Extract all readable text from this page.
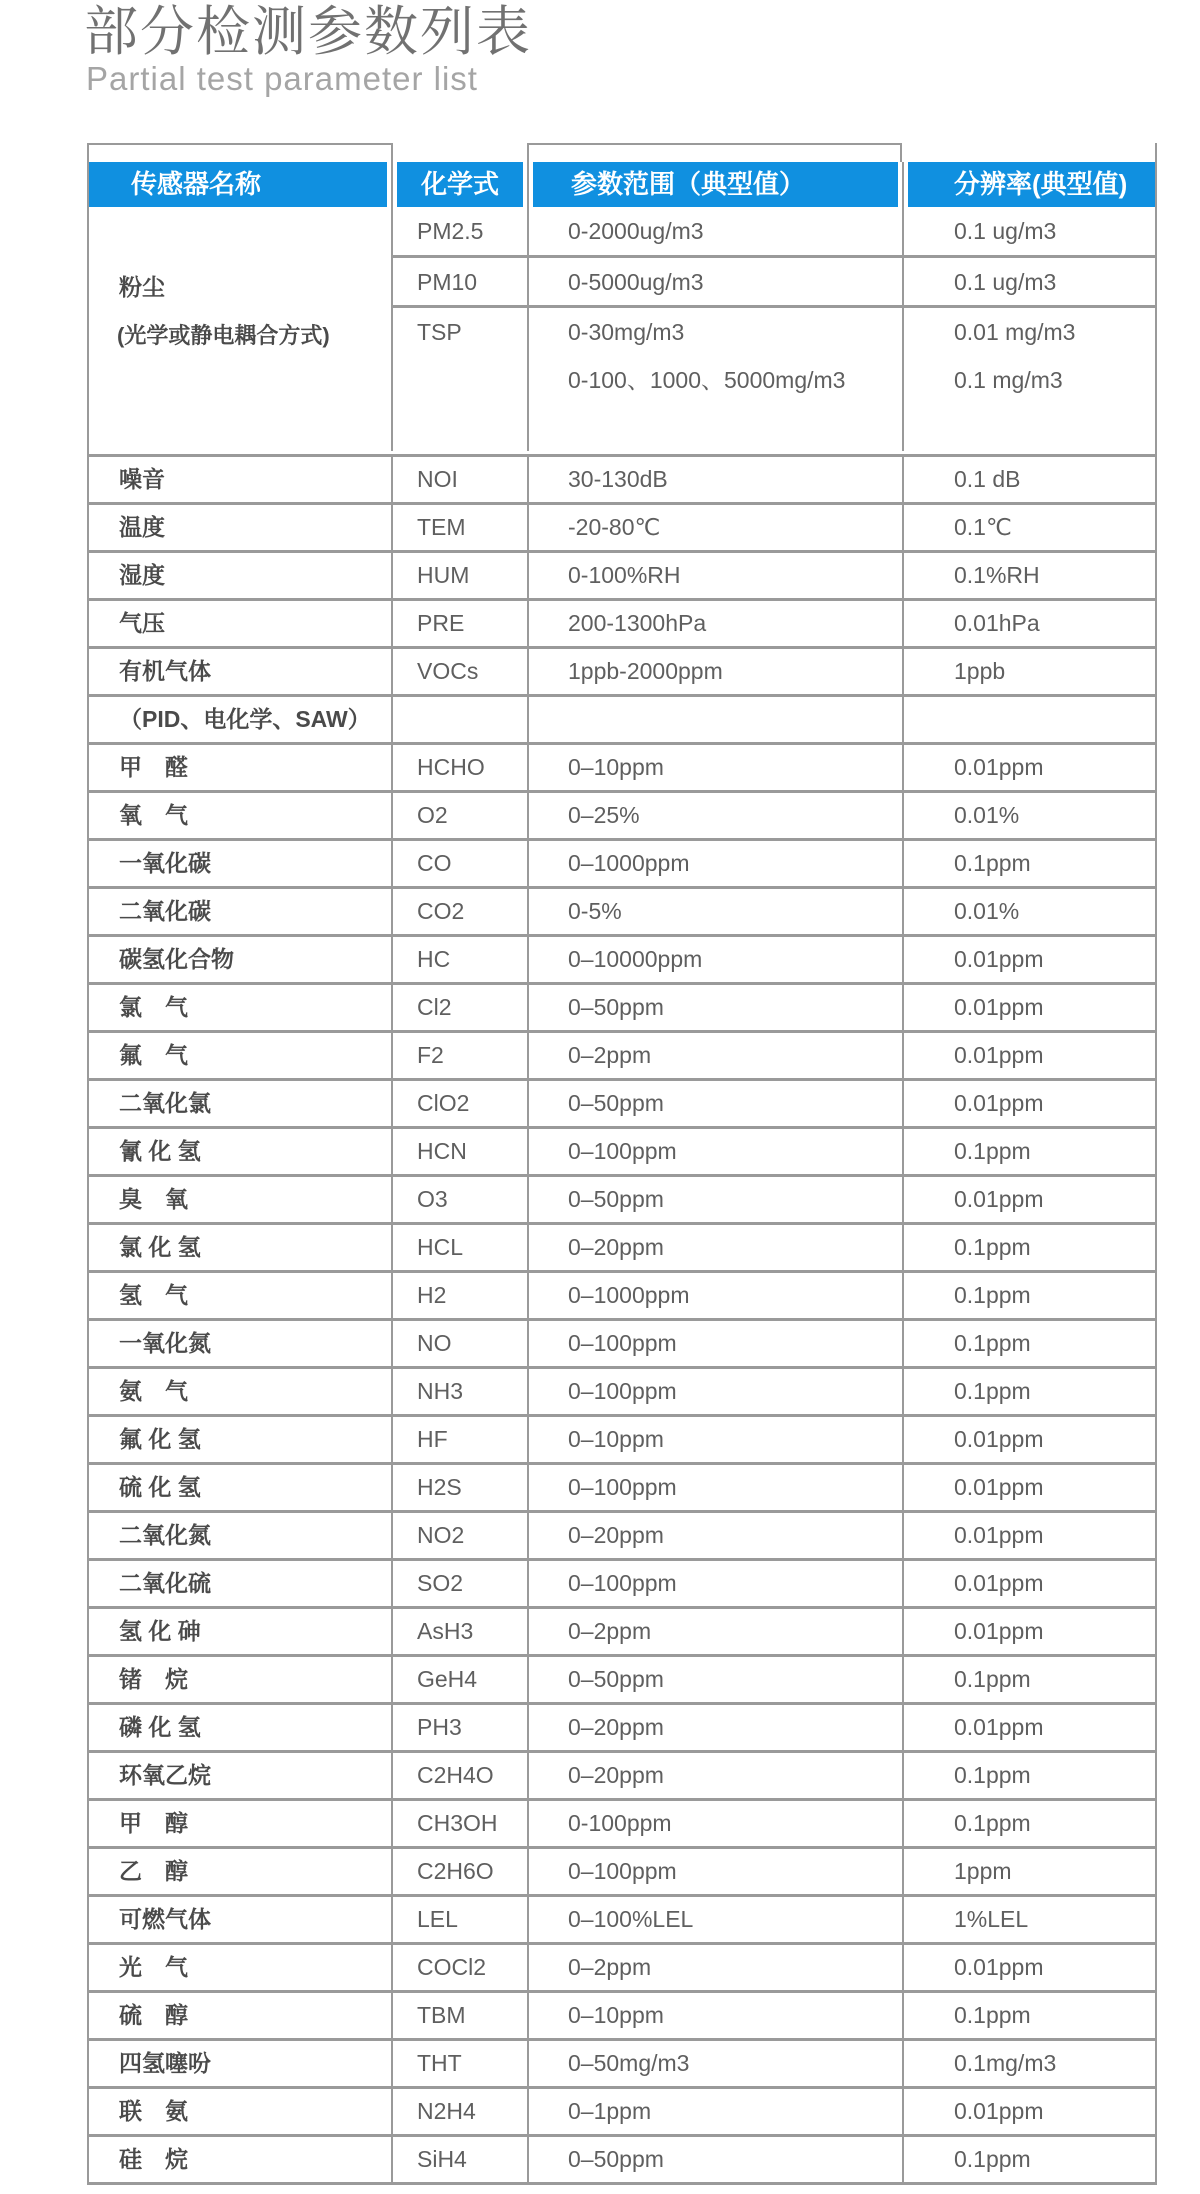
部分检测参数列表
Partial test parameter list
传感器名称	化学式	参数范围（典型值）	分辨率(典型值)
粉尘
(光学或静电耦合方式)
PM2.5	0-2000ug/m3	0.1 ug/m3
PM10	0-5000ug/m3	0.1 ug/m3
TSP	0-30mg/m3	0.01 mg/m3
0-100、1000、5000mg/m3	0.1 mg/m3
噪音	NOI	30-130dB	0.1 dB
温度	TEM	-20-80℃	0.1℃
湿度	HUM	0-100%RH	0.1%RH
气压	PRE	200-1300hPa	0.01hPa
有机气体	VOCs	1ppb-2000ppm	1ppb
（PID、电化学、SAW）
甲　醛	HCHO	0–10ppm	0.01ppm
氧　气	O2	0–25%	0.01%
一氧化碳	CO	0–1000ppm	0.1ppm
二氧化碳	CO2	0-5%	0.01%
碳氢化合物	HC	0–10000ppm	0.01ppm
氯　气	Cl2	0–50ppm	0.01ppm
氟　气	F2	0–2ppm	0.01ppm
二氧化氯	ClO2	0–50ppm	0.01ppm
氰 化 氢	HCN	0–100ppm	0.1ppm
臭　氧	O3	0–50ppm	0.01ppm
氯 化 氢	HCL	0–20ppm	0.1ppm
氢　气	H2	0–1000ppm	0.1ppm
一氧化氮	NO	0–100ppm	0.1ppm
氨　气	NH3	0–100ppm	0.1ppm
氟 化 氢	HF	0–10ppm	0.01ppm
硫 化 氢	H2S	0–100ppm	0.01ppm
二氧化氮	NO2	0–20ppm	0.01ppm
二氧化硫	SO2	0–100ppm	0.01ppm
氢 化 砷	AsH3	0–2ppm	0.01ppm
锗　烷	GeH4	0–50ppm	0.1ppm
磷 化 氢	PH3	0–20ppm	0.01ppm
环氧乙烷	C2H4O	0–20ppm	0.1ppm
甲　醇	CH3OH	0-100ppm	0.1ppm
乙　醇	C2H6O	0–100ppm	1ppm
可燃气体	LEL	0–100%LEL	1%LEL
光　气	COCl2	0–2ppm	0.01ppm
硫　醇	TBM	0–10ppm	0.1ppm
四氢噻吩	THT	0–50mg/m3	0.1mg/m3
联　氨	N2H4	0–1ppm	0.01ppm
硅　烷	SiH4	0–50ppm	0.1ppm
